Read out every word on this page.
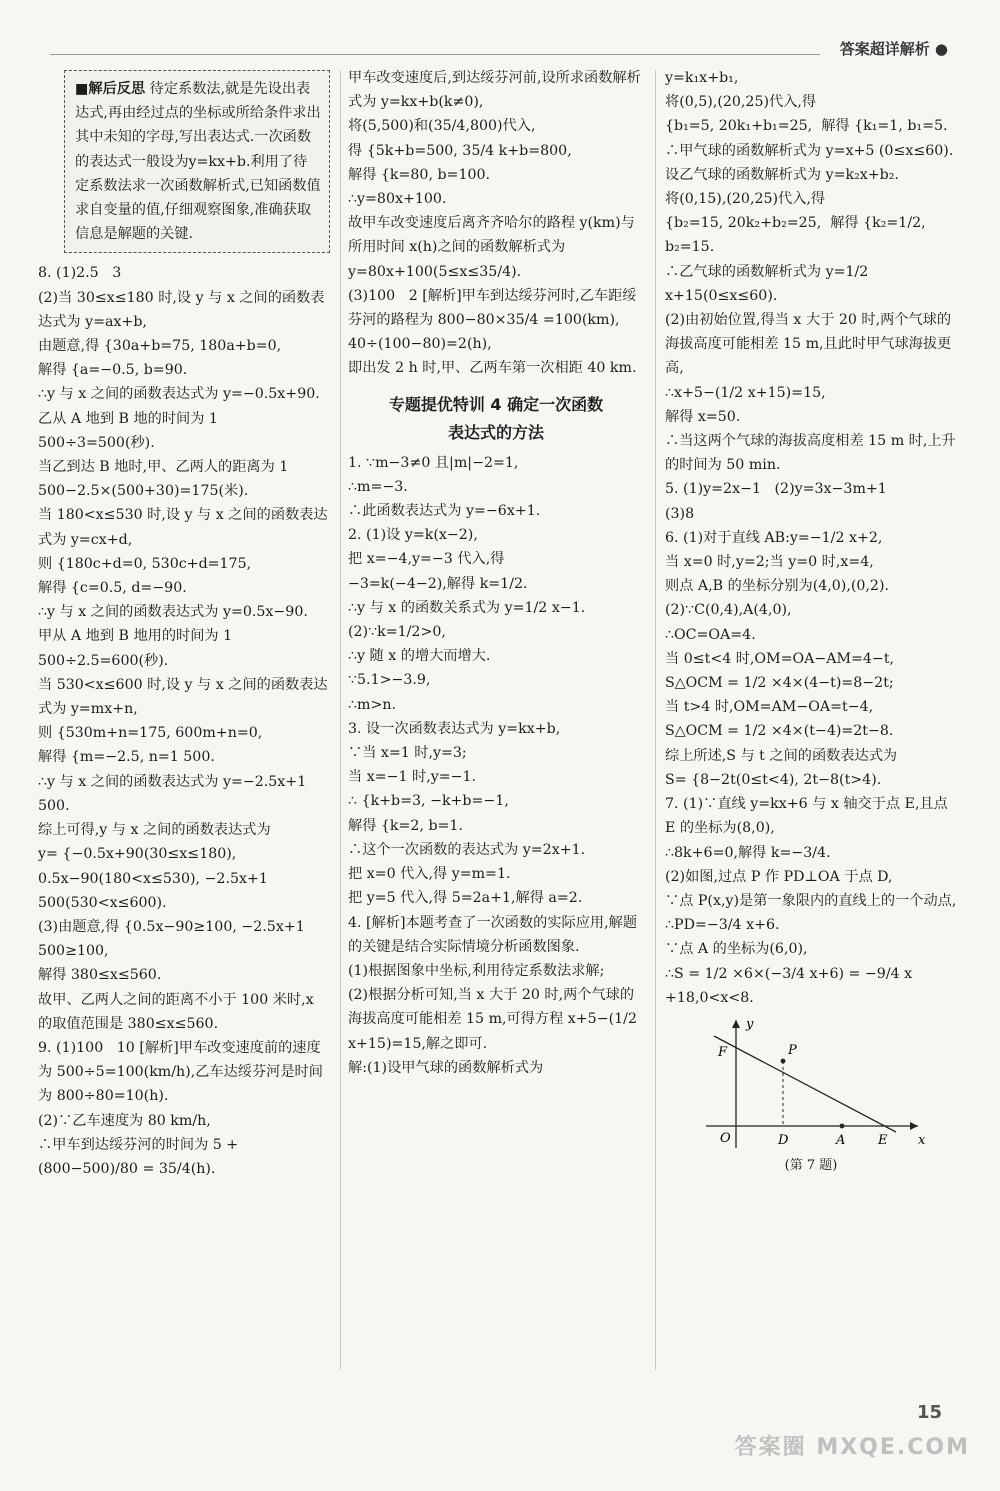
答案超详解析 ●
■解后反思 待定系数法,就是先设出表达式,再由经过点的坐标或所给条件求出其中未知的字母,写出表达式.一次函数的表达式一般设为y=kx+b.利用了待定系数法求一次函数解析式,已知函数值求自变量的值,仔细观察图象,准确获取信息是解题的关键.

8. (1)2.5   3

(2)当 30≤x≤180 时,设 y 与 x 之间的函数表达式为 y=ax+b,

由题意,得 {30a+b=75, 180a+b=0,

解得 {a=−0.5, b=90.

∴y 与 x 之间的函数表达式为 y=−0.5x+90.

乙从 A 地到 B 地的时间为 1 500÷3=500(秒).

当乙到达 B 地时,甲、乙两人的距离为 1 500−2.5×(500+30)=175(米).

当 180<x≤530 时,设 y 与 x 之间的函数表达式为 y=cx+d,

则 {180c+d=0, 530c+d=175,

解得 {c=0.5, d=−90.

∴y 与 x 之间的函数表达式为 y=0.5x−90.

甲从 A 地到 B 地用的时间为 1 500÷2.5=600(秒).

当 530<x≤600 时,设 y 与 x 之间的函数表达式为 y=mx+n,

则 {530m+n=175, 600m+n=0,

解得 {m=−2.5, n=1 500.

∴y 与 x 之间的函数表达式为 y=−2.5x+1 500.

综上可得,y 与 x 之间的函数表达式为

y= {−0.5x+90(30≤x≤180), 0.5x−90(180<x≤530), −2.5x+1 500(530<x≤600).

(3)由题意,得 {0.5x−90≥100, −2.5x+1 500≥100,

解得 380≤x≤560.

故甲、乙两人之间的距离不小于 100 米时,x 的取值范围是 380≤x≤560.

9. (1)100   10 [解析]甲车改变速度前的速度为 500÷5=100(km/h),乙车达绥芬河是时间为 800÷80=10(h).

(2)∵乙车速度为 80 km/h,

∴甲车到达绥芬河的时间为 5 + (800−500)/80 = 35/4(h).

甲车改变速度后,到达绥芬河前,设所求函数解析式为 y=kx+b(k≠0),

将(5,500)和(35/4,800)代入,

得 {5k+b=500, 35/4 k+b=800,

解得 {k=80, b=100.

∴y=80x+100.

故甲车改变速度后离齐齐哈尔的路程 y(km)与所用时间 x(h)之间的函数解析式为 y=80x+100(5≤x≤35/4).

(3)100   2 [解析]甲车到达绥芬河时,乙车距绥芬河的路程为 800−80×35/4 =100(km),

40÷(100−80)=2(h),

即出发 2 h 时,甲、乙两车第一次相距 40 km.

专题提优特训 4 确定一次函数
表达式的方法

1. ∵m−3≠0 且|m|−2=1,

∴m=−3.

∴此函数表达式为 y=−6x+1.

2. (1)设 y=k(x−2),

把 x=−4,y=−3 代入,得

−3=k(−4−2),解得 k=1/2.

∴y 与 x 的函数关系式为 y=1/2 x−1.

(2)∵k=1/2>0,

∴y 随 x 的增大而增大.

∵5.1>−3.9,

∴m>n.

3. 设一次函数表达式为 y=kx+b,

∵当 x=1 时,y=3;

当 x=−1 时,y=−1.

∴ {k+b=3, −k+b=−1,

解得 {k=2, b=1.

∴这个一次函数的表达式为 y=2x+1.

把 x=0 代入,得 y=m=1.

把 y=5 代入,得 5=2a+1,解得 a=2.

4. [解析]本题考查了一次函数的实际应用,解题的关键是结合实际情境分析函数图象.

(1)根据图象中坐标,利用待定系数法求解;

(2)根据分析可知,当 x 大于 20 时,两个气球的海拔高度可能相差 15 m,可得方程 x+5−(1/2 x+15)=15,解之即可.

解:(1)设甲气球的函数解析式为

y=k₁x+b₁,

将(0,5),(20,25)代入,得

{b₁=5, 20k₁+b₁=25,  解得 {k₁=1, b₁=5.

∴甲气球的函数解析式为 y=x+5 (0≤x≤60).

设乙气球的函数解析式为 y=k₂x+b₂.

将(0,15),(20,25)代入,得

{b₂=15, 20k₂+b₂=25,  解得 {k₂=1/2, b₂=15.

∴乙气球的函数解析式为 y=1/2 x+15(0≤x≤60).

(2)由初始位置,得当 x 大于 20 时,两个气球的海拔高度可能相差 15 m,且此时甲气球海拔更高,

∴x+5−(1/2 x+15)=15,

解得 x=50.

∴当这两个气球的海拔高度相差 15 m 时,上升的时间为 50 min.

5. (1)y=2x−1   (2)y=3x−3m+1

(3)8

6. (1)对于直线 AB:y=−1/2 x+2,

当 x=0 时,y=2;当 y=0 时,x=4,

则点 A,B 的坐标分别为(4,0),(0,2).

(2)∵C(0,4),A(4,0),

∴OC=OA=4.

当 0≤t<4 时,OM=OA−AM=4−t,

S△OCM = 1/2 ×4×(4−t)=8−2t;

当 t>4 时,OM=AM−OA=t−4,

S△OCM = 1/2 ×4×(t−4)=2t−8.

综上所述,S 与 t 之间的函数表达式为

S= {8−2t(0≤t<4), 2t−8(t>4).

7. (1)∵直线 y=kx+6 与 x 轴交于点 E,且点 E 的坐标为(8,0),

∴8k+6=0,解得 k=−3/4.

(2)如图,过点 P 作 PD⊥OA 于点 D,

∵点 P(x,y)是第一象限内的直线上的一个动点,

∴PD=−3/4 x+6.

∵点 A 的坐标为(6,0),

∴S = 1/2 ×6×(−3/4 x+6) = −9/4 x +18,0<x<8.

y
x
F	P
O	D	A	E
(第 7 题)
15
答案圈 MXQE.COM
